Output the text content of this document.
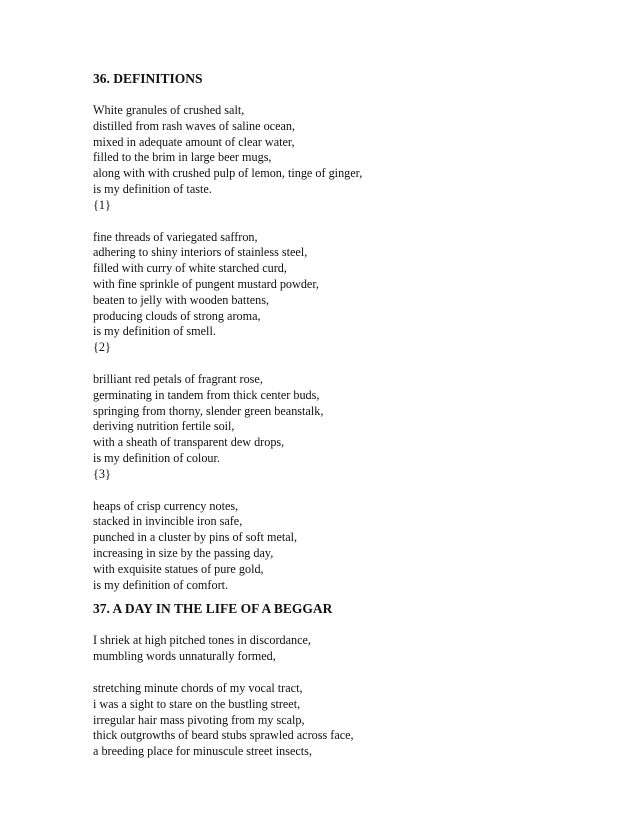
36. DEFINITIONS

White granules of crushed salt,

distilled from rash waves of saline ocean,

mixed in adequate amount of clear water,

filled to the brim in large beer mugs,

along with with crushed pulp of lemon, tinge of ginger,

is my definition of taste.

{1}

fine threads of variegated saffron,

adhering to shiny interiors of stainless steel,

filled with curry of white starched curd,

with fine sprinkle of pungent mustard powder,

beaten to jelly with wooden battens,

producing clouds of strong aroma,

is my definition of smell.

{2}

brilliant red petals of fragrant rose,

germinating in tandem from thick center buds,

springing from thorny, slender green beanstalk,

deriving nutrition fertile soil,

with a sheath of transparent dew drops,

is my definition of colour.

{3}

heaps of crisp currency notes,

stacked in invincible iron safe,

punched in a cluster by pins of soft metal,

increasing in size by the passing day,

with exquisite statues of pure gold,

is my definition of comfort.

37. A DAY IN THE LIFE OF A BEGGAR

I shriek at high pitched tones in discordance,

mumbling words unnaturally formed,

stretching minute chords of my vocal tract,

i was a sight to stare on the bustling street,

irregular hair mass pivoting from my scalp,

thick outgrowths of beard stubs sprawled across face,

a breeding place for minuscule street insects,
